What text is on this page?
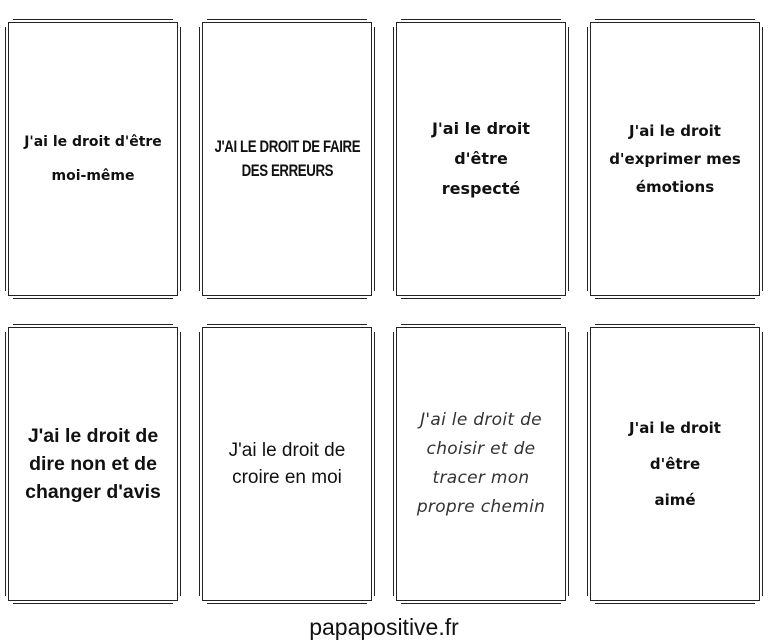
J'ai le droit d'être
moi-même
J'AI LE DROIT DE FAIRE
DES ERREURS
J'ai le droit d'être
respecté
J'ai le droit
d'exprimer mes
émotions
J'ai le droit de
dire non et de
changer d'avis
J'ai le droit de
croire en moi
J'ai le droit de
choisir et de
tracer mon
propre chemin
J'ai le droit d'être
aimé
papapositive.fr
